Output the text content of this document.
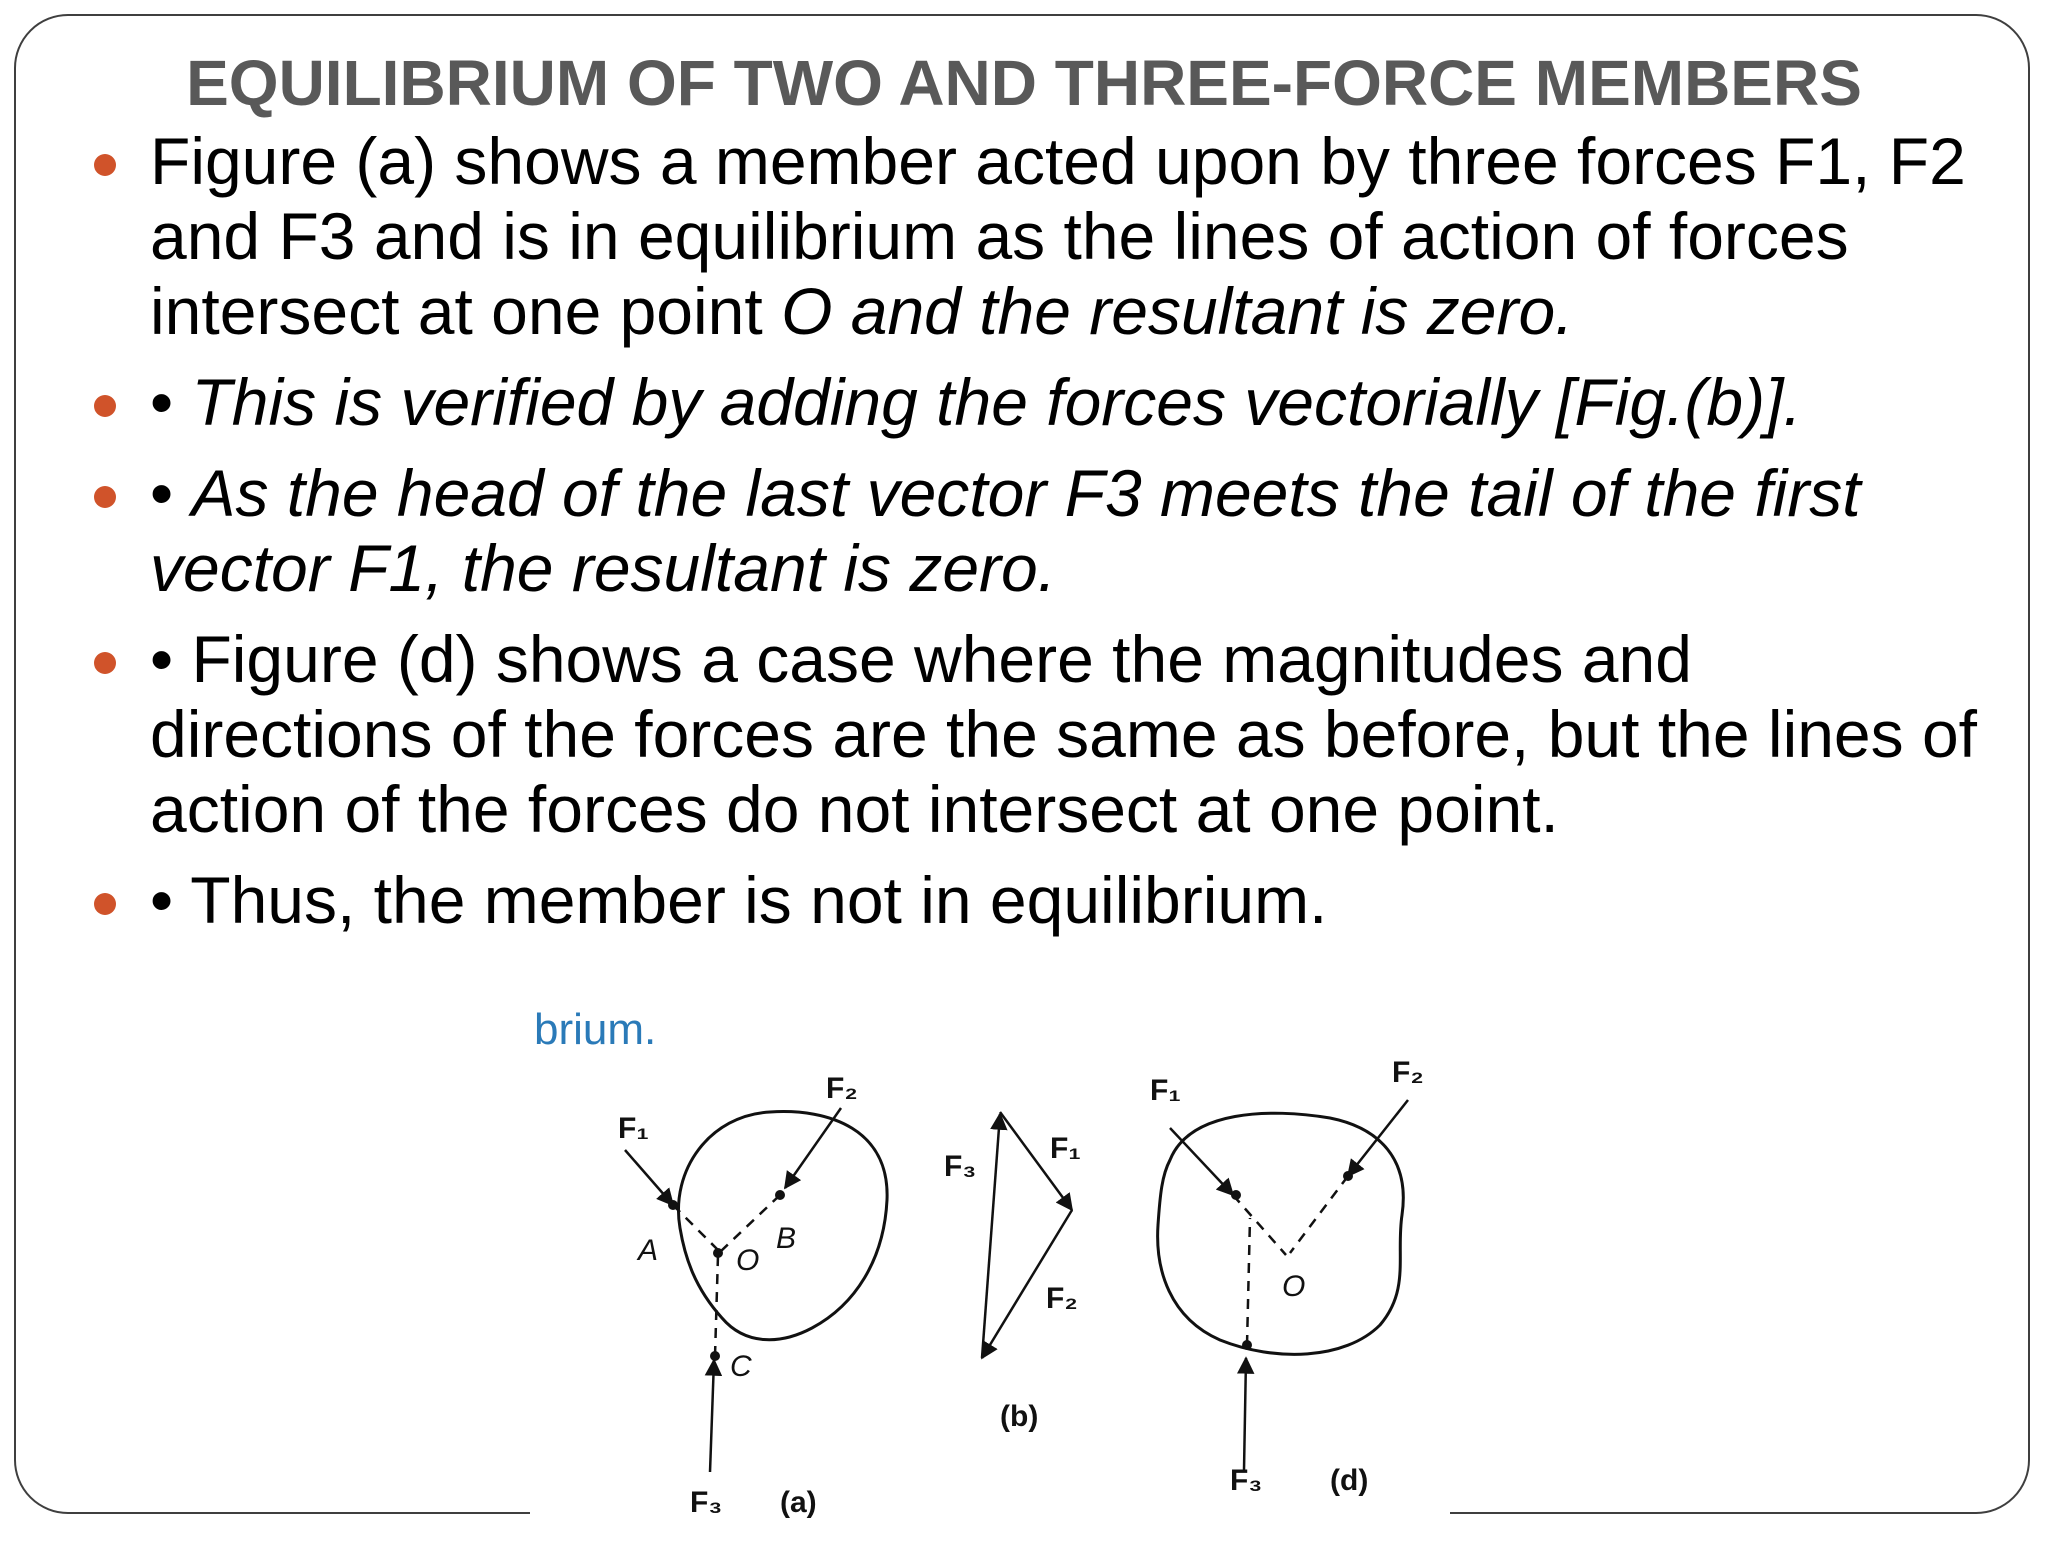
EQUILIBRIUM OF TWO AND THREE-FORCE MEMBERS
Figure (a) shows a member acted upon by three forces F1, F2 and F3 and is in equilibrium as the lines of action of forces intersect at one point O and the resultant is zero.
• This is verified by adding the forces vectorially [Fig.(b)].
• As the head of the last vector F3 meets the tail of the first vector F1, the resultant is zero.
• Figure (d) shows a case where the magnitudes and directions of the forces are the same as before, but the lines of action of the forces do not intersect at one point.
• Thus, the member is not in equilibrium.
brium.
F₁
F₂
F₃
A	B
O
C
(a)
F₁
F₂
F₃
(b)
F₁
F₂
F₃
O
(d)
